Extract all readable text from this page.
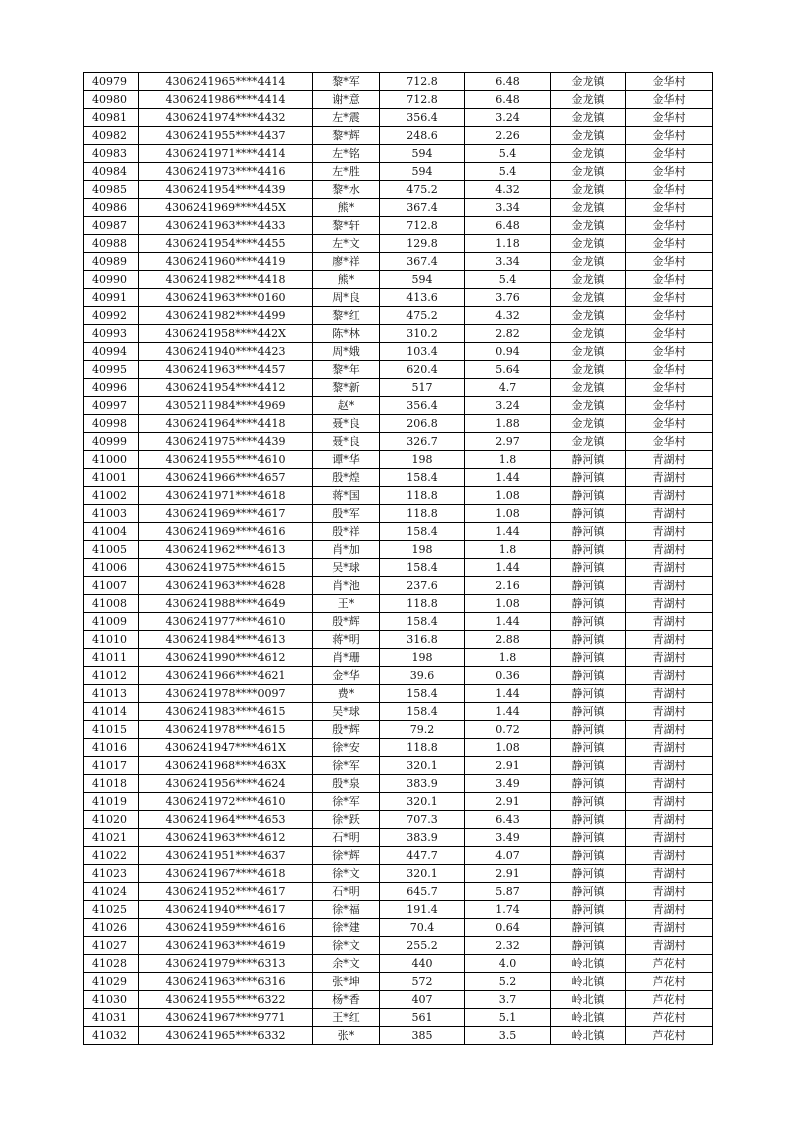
40979	4306241965****4414	黎*军	712.8	6.48	金龙镇	金华村
40980	4306241986****4414	谢*意	712.8	6.48	金龙镇	金华村
40981	4306241974****4432	左*震	356.4	3.24	金龙镇	金华村
40982	4306241955****4437	黎*辉	248.6	2.26	金龙镇	金华村
40983	4306241971****4414	左*铭	594	5.4	金龙镇	金华村
40984	4306241973****4416	左*胜	594	5.4	金龙镇	金华村
40985	4306241954****4439	黎*水	475.2	4.32	金龙镇	金华村
40986	4306241969****445X	熊*	367.4	3.34	金龙镇	金华村
40987	4306241963****4433	黎*轩	712.8	6.48	金龙镇	金华村
40988	4306241954****4455	左*文	129.8	1.18	金龙镇	金华村
40989	4306241960****4419	廖*祥	367.4	3.34	金龙镇	金华村
40990	4306241982****4418	熊*	594	5.4	金龙镇	金华村
40991	4306241963****0160	周*良	413.6	3.76	金龙镇	金华村
40992	4306241982****4499	黎*红	475.2	4.32	金龙镇	金华村
40993	4306241958****442X	陈*林	310.2	2.82	金龙镇	金华村
40994	4306241940****4423	周*娥	103.4	0.94	金龙镇	金华村
40995	4306241963****4457	黎*年	620.4	5.64	金龙镇	金华村
40996	4306241954****4412	黎*新	517	4.7	金龙镇	金华村
40997	4305211984****4969	赵*	356.4	3.24	金龙镇	金华村
40998	4306241964****4418	聂*良	206.8	1.88	金龙镇	金华村
40999	4306241975****4439	聂*良	326.7	2.97	金龙镇	金华村
41000	4306241955****4610	谭*华	198	1.8	静河镇	青湖村
41001	4306241966****4657	殷*煌	158.4	1.44	静河镇	青湖村
41002	4306241971****4618	蒋*国	118.8	1.08	静河镇	青湖村
41003	4306241969****4617	殷*军	118.8	1.08	静河镇	青湖村
41004	4306241969****4616	殷*祥	158.4	1.44	静河镇	青湖村
41005	4306241962****4613	肖*加	198	1.8	静河镇	青湖村
41006	4306241975****4615	吴*球	158.4	1.44	静河镇	青湖村
41007	4306241963****4628	肖*池	237.6	2.16	静河镇	青湖村
41008	4306241988****4649	王*	118.8	1.08	静河镇	青湖村
41009	4306241977****4610	殷*辉	158.4	1.44	静河镇	青湖村
41010	4306241984****4613	蒋*明	316.8	2.88	静河镇	青湖村
41011	4306241990****4612	肖*珊	198	1.8	静河镇	青湖村
41012	4306241966****4621	金*华	39.6	0.36	静河镇	青湖村
41013	4306241978****0097	费*	158.4	1.44	静河镇	青湖村
41014	4306241983****4615	吴*球	158.4	1.44	静河镇	青湖村
41015	4306241978****4615	殷*辉	79.2	0.72	静河镇	青湖村
41016	4306241947****461X	徐*安	118.8	1.08	静河镇	青湖村
41017	4306241968****463X	徐*军	320.1	2.91	静河镇	青湖村
41018	4306241956****4624	殷*泉	383.9	3.49	静河镇	青湖村
41019	4306241972****4610	徐*军	320.1	2.91	静河镇	青湖村
41020	4306241964****4653	徐*跃	707.3	6.43	静河镇	青湖村
41021	4306241963****4612	石*明	383.9	3.49	静河镇	青湖村
41022	4306241951****4637	徐*辉	447.7	4.07	静河镇	青湖村
41023	4306241967****4618	徐*文	320.1	2.91	静河镇	青湖村
41024	4306241952****4617	石*明	645.7	5.87	静河镇	青湖村
41025	4306241940****4617	徐*福	191.4	1.74	静河镇	青湖村
41026	4306241959****4616	徐*建	70.4	0.64	静河镇	青湖村
41027	4306241963****4619	徐*文	255.2	2.32	静河镇	青湖村
41028	4306241979****6313	余*文	440	4.0	岭北镇	芦花村
41029	4306241963****6316	张*坤	572	5.2	岭北镇	芦花村
41030	4306241955****6322	杨*香	407	3.7	岭北镇	芦花村
41031	4306241967****9771	王*红	561	5.1	岭北镇	芦花村
41032	4306241965****6332	张*	385	3.5	岭北镇	芦花村
